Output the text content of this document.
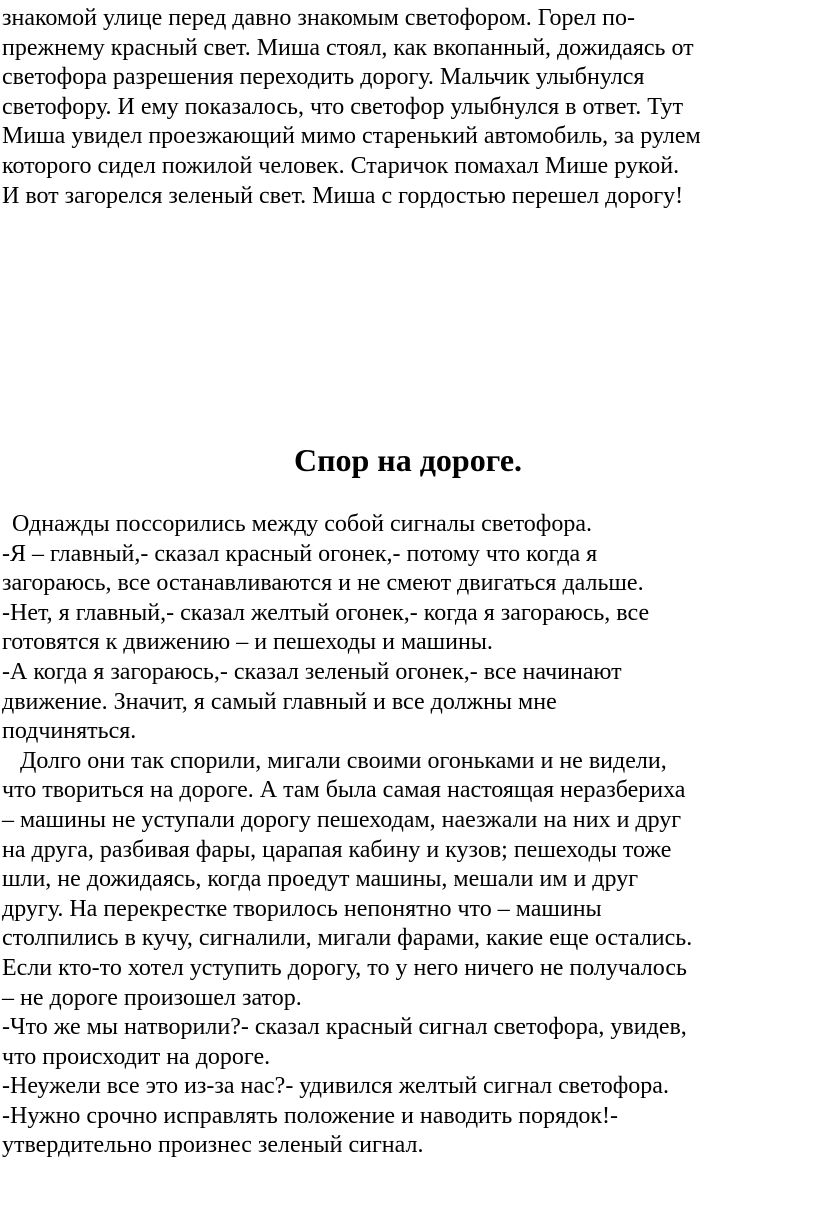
знакомой улице перед давно знакомым светофором. Горел по-
прежнему красный свет. Миша стоял, как вкопанный, дожидаясь от
светофора разрешения переходить дорогу. Мальчик улыбнулся
светофору. И ему показалось, что светофор улыбнулся в ответ. Тут
Миша увидел проезжающий мимо старенький автомобиль, за рулем
которого сидел пожилой человек. Старичок помахал Мише рукой.
И вот загорелся зеленый свет. Миша с гордостью перешел дорогу!
Спор на дороге.
Однажды поссорились между собой сигналы светофора.
-Я – главный,- сказал красный огонек,- потому что когда я
загораюсь, все останавливаются и не смеют двигаться дальше.
-Нет, я главный,- сказал желтый огонек,- когда я загораюсь, все
готовятся к движению – и пешеходы и машины.
-А когда я загораюсь,- сказал зеленый огонек,- все начинают
движение. Значит, я самый главный и все должны мне
подчиняться.
Долго они так спорили, мигали своими огоньками и не видели,
что твориться на дороге. А там была самая настоящая неразбериха
– машины не уступали дорогу пешеходам, наезжали на них и друг
на друга, разбивая фары, царапая кабину и кузов; пешеходы тоже
шли, не дожидаясь, когда проедут машины, мешали им и друг
другу. На перекрестке творилось непонятно что – машины
столпились в кучу, сигналили, мигали фарами, какие еще остались.
Если кто-то хотел уступить дорогу, то у него ничего не получалось
– не дороге произошел затор.
-Что же мы натворили?- сказал красный сигнал светофора, увидев,
что происходит на дороге.
-Неужели все это из-за нас?- удивился желтый сигнал светофора.
-Нужно срочно исправлять положение и наводить порядок!-
утвердительно произнес зеленый сигнал.
